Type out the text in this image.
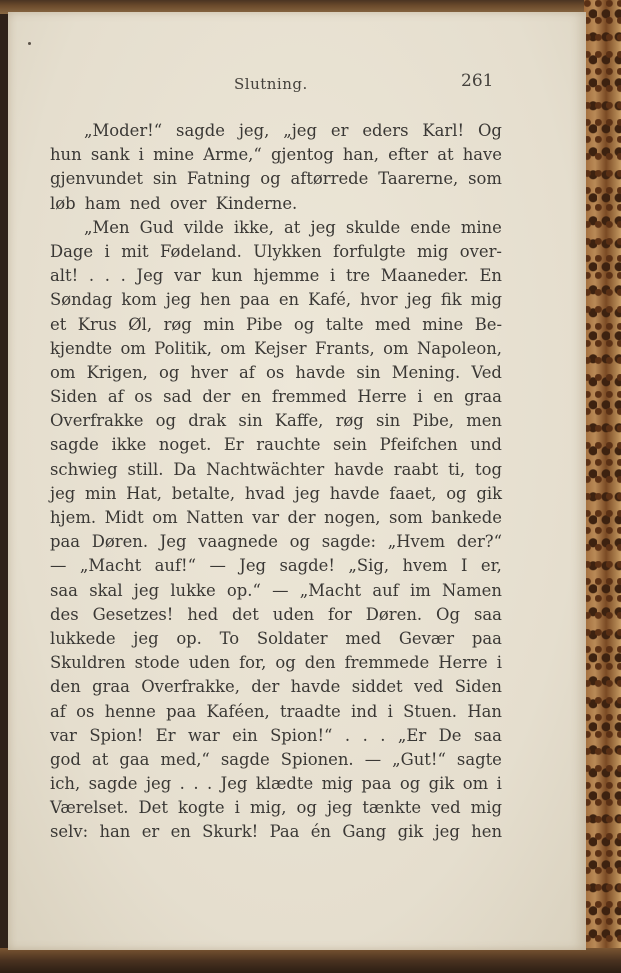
Slutning.	261
„Moder!“ sagde jeg, „jeg er eders Karl! Og
hun sank i mine Arme,“ gjentog han, efter at have
gjenvundet sin Fatning og aftørrede Taarerne, som
løb ham ned over Kinderne.
„Men Gud vilde ikke, at jeg skulde ende mine
Dage i mit Fødeland. Ulykken forfulgte mig over-
alt! . . . Jeg var kun hjemme i tre Maaneder. En
Søndag kom jeg hen paa en Kafé, hvor jeg fik mig
et Krus Øl, røg min Pibe og talte med mine Be-
kjendte om Politik, om Kejser Frants, om Napoleon,
om Krigen, og hver af os havde sin Mening. Ved
Siden af os sad der en fremmed Herre i en graa
Overfrakke og drak sin Kaffe, røg sin Pibe, men
sagde ikke noget. Er rauchte sein Pfeifchen und
schwieg still. Da Nachtwächter havde raabt ti, tog
jeg min Hat, betalte, hvad jeg havde faaet, og gik
hjem. Midt om Natten var der nogen, som bankede
paa Døren. Jeg vaagnede og sagde: „Hvem der?“
— „Macht auf!“ — Jeg sagde! „Sig, hvem I er,
saa skal jeg lukke op.“ — „Macht auf im Namen
des Gesetzes! hed det uden for Døren. Og saa
lukkede jeg op. To Soldater med Gevær paa
Skuldren stode uden for, og den fremmede Herre i
den graa Overfrakke, der havde siddet ved Siden
af os henne paa Kaféen, traadte ind i Stuen. Han
var Spion! Er war ein Spion!“ . . . „Er De saa
god at gaa med,“ sagde Spionen. — „Gut!“ sagte
ich, sagde jeg . . . Jeg klædte mig paa og gik om i
Værelset. Det kogte i mig, og jeg tænkte ved mig
selv: han er en Skurk! Paa én Gang gik jeg hen
